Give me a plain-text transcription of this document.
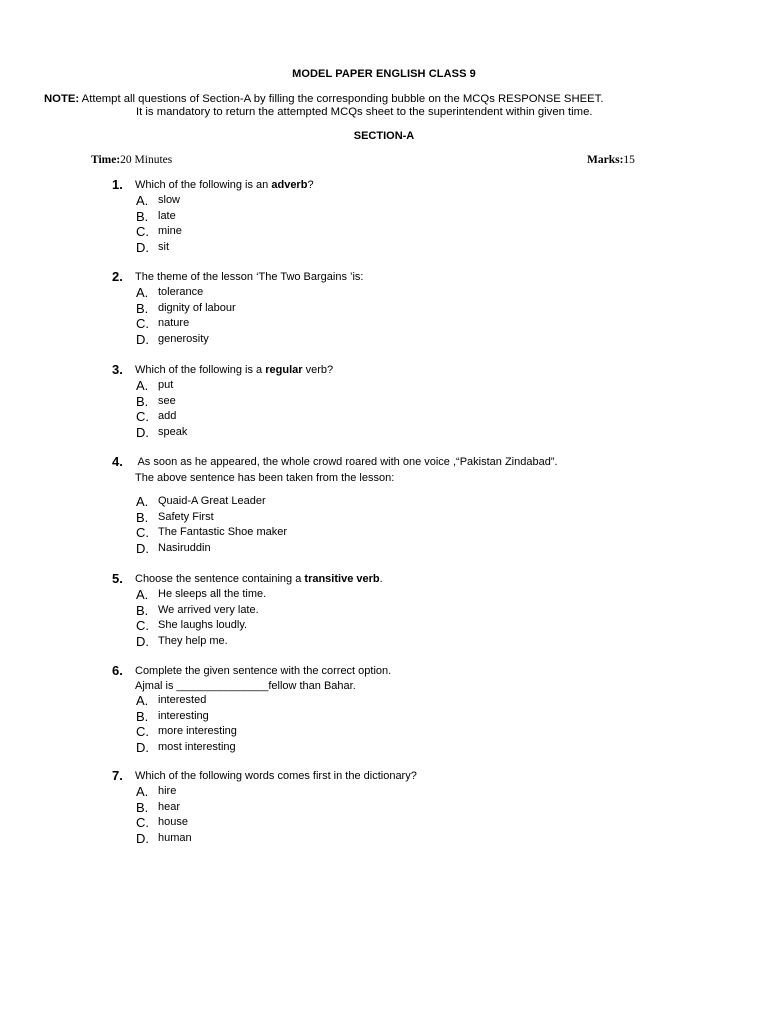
MODEL PAPER ENGLISH CLASS 9
NOTE: Attempt all questions of Section-A by filling the corresponding bubble on the MCQs RESPONSE SHEET.
It is mandatory to return the attempted MCQs sheet to the superintendent within given time.
SECTION-A
Time:20 Minutes	Marks:15
1. Which of the following is an adverb?
A. slow
B. late
C. mine
D. sit
2. The theme of the lesson ‘The Two Bargains ’is:
A. tolerance
B. dignity of labour
C. nature
D. generosity
3. Which of the following is a regular verb?
A. put
B. see
C. add
D. speak
4. As soon as he appeared, the whole crowd roared with one voice ,“Pakistan Zindabad”.
The above sentence has been taken from the lesson:
A. Quaid-A Great Leader
B. Safety First
C. The Fantastic Shoe maker
D. Nasiruddin
5. Choose the sentence containing a transitive verb.
A. He sleeps all the time.
B. We arrived very late.
C. She laughs loudly.
D. They help me.
6. Complete the given sentence with the correct option.
Ajmal is _______________fellow than Bahar.
A. interested
B. interesting
C. more interesting
D. most interesting
7. Which of the following words comes first in the dictionary?
A. hire
B. hear
C. house
D. human
